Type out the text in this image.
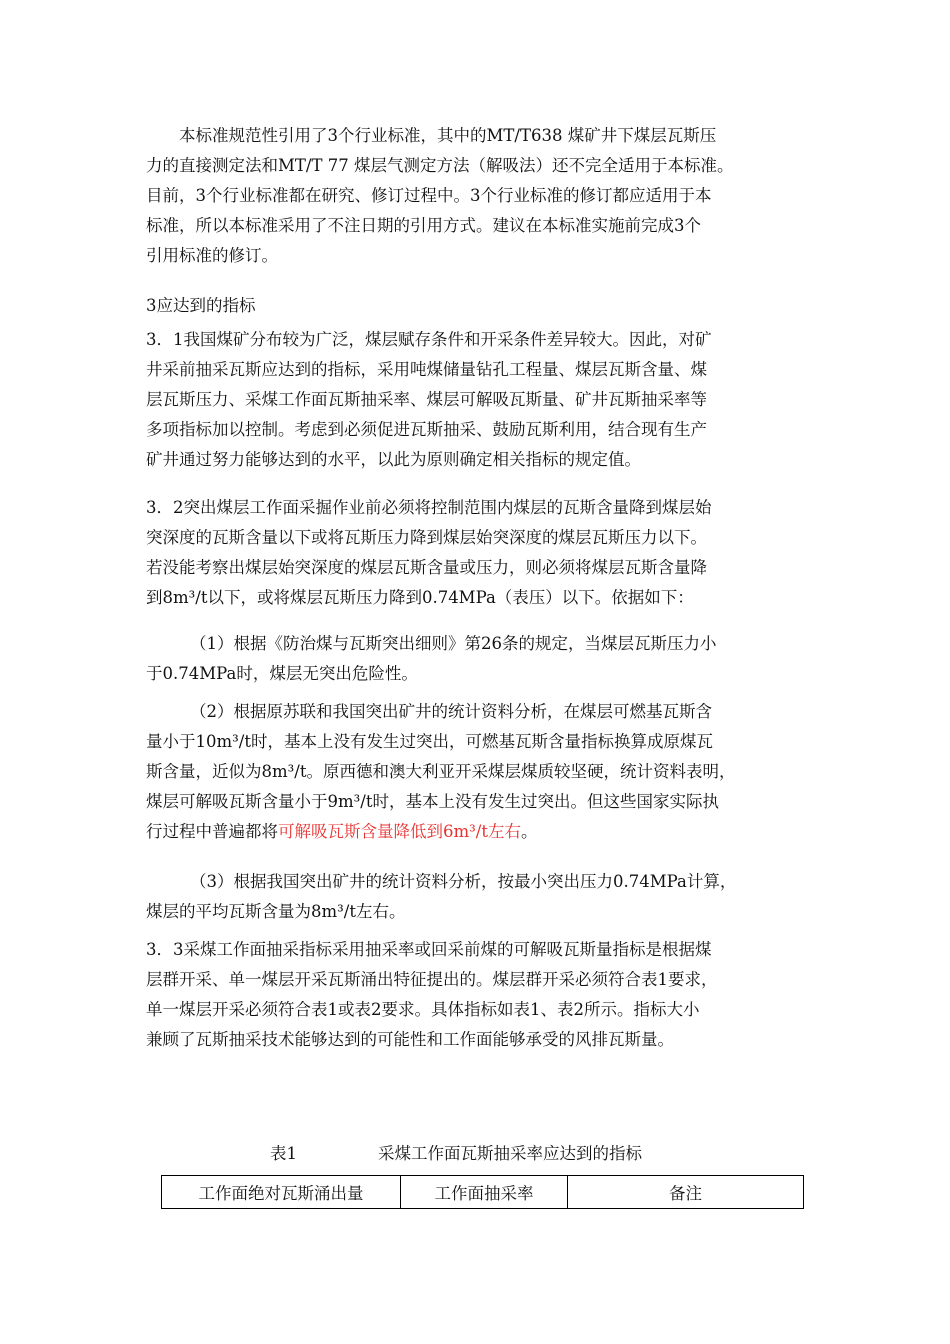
本标准规范性引用了3个行业标准，其中的MT/T638 煤矿井下煤层瓦斯压
力的直接测定法和MT/T 77 煤层气测定方法（解吸法）还不完全适用于本标准。
目前，3个行业标准都在研究、修订过程中。3个行业标准的修订都应适用于本
标准，所以本标准采用了不注日期的引用方式。建议在本标准实施前完成3个
引用标准的修订。
3应达到的指标
3．1我国煤矿分布较为广泛，煤层赋存条件和开采条件差异较大。因此，对矿
井采前抽采瓦斯应达到的指标，采用吨煤储量钻孔工程量、煤层瓦斯含量、煤
层瓦斯压力、采煤工作面瓦斯抽采率、煤层可解吸瓦斯量、矿井瓦斯抽采率等
多项指标加以控制。考虑到必须促进瓦斯抽采、鼓励瓦斯利用，结合现有生产
矿井通过努力能够达到的水平，以此为原则确定相关指标的规定值。
3．2突出煤层工作面采掘作业前必须将控制范围内煤层的瓦斯含量降到煤层始
突深度的瓦斯含量以下或将瓦斯压力降到煤层始突深度的煤层瓦斯压力以下。
若没能考察出煤层始突深度的煤层瓦斯含量或压力，则必须将煤层瓦斯含量降
到8m³/t以下，或将煤层瓦斯压力降到0.74MPa（表压）以下。依据如下：
（1）根据《防治煤与瓦斯突出细则》第26条的规定，当煤层瓦斯压力小
于0.74MPa时，煤层无突出危险性。
（2）根据原苏联和我国突出矿井的统计资料分析，在煤层可燃基瓦斯含
量小于10m³/t时，基本上没有发生过突出，可燃基瓦斯含量指标换算成原煤瓦
斯含量，近似为8m³/t。原西德和澳大利亚开采煤层煤质较坚硬，统计资料表明，
煤层可解吸瓦斯含量小于9m³/t时，基本上没有发生过突出。但这些国家实际执
行过程中普遍都将可解吸瓦斯含量降低到6m³/t左右。
（3）根据我国突出矿井的统计资料分析，按最小突出压力0.74MPa计算，
煤层的平均瓦斯含量为8m³/t左右。
3．3采煤工作面抽采指标采用抽采率或回采前煤的可解吸瓦斯量指标是根据煤
层群开采、单一煤层开采瓦斯涌出特征提出的。煤层群开采必须符合表1要求，
单一煤层开采必须符合表1或表2要求。具体指标如表1、表2所示。指标大小
兼顾了瓦斯抽采技术能够达到的可能性和工作面能够承受的风排瓦斯量。
表1	采煤工作面瓦斯抽采率应达到的指标
工作面绝对瓦斯涌出量	工作面抽采率	备注
